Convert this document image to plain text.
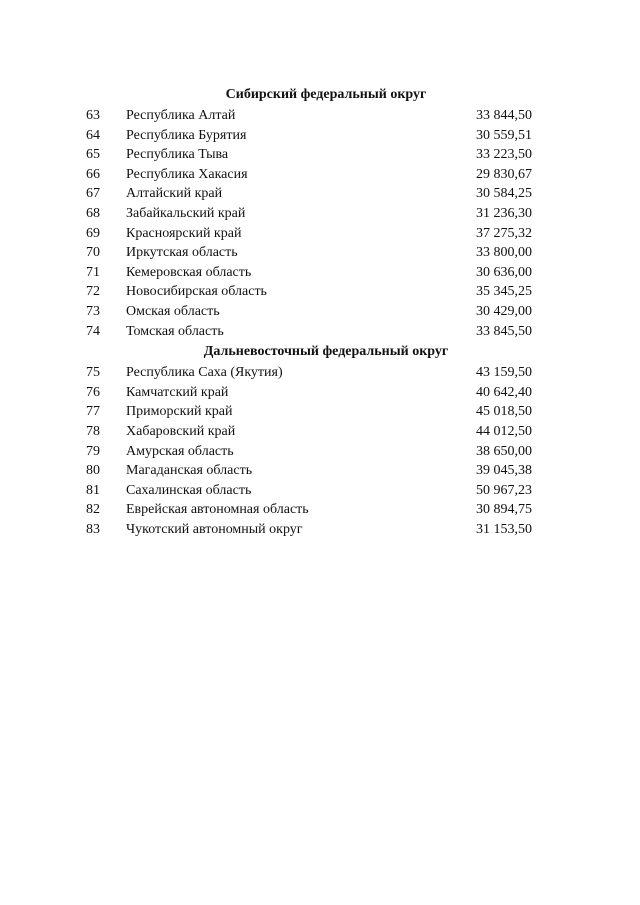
Сибирский федеральный округ
63	Республика Алтай	33 844,50
64	Республика Бурятия	30 559,51
65	Республика Тыва	33 223,50
66	Республика Хакасия	29 830,67
67	Алтайский край	30 584,25
68	Забайкальский край	31 236,30
69	Красноярский край	37 275,32
70	Иркутская область	33 800,00
71	Кемеровская область	30 636,00
72	Новосибирская область	35 345,25
73	Омская область	30 429,00
74	Томская область	33 845,50
Дальневосточный федеральный округ
75	Республика Саха (Якутия)	43 159,50
76	Камчатский край	40 642,40
77	Приморский край	45 018,50
78	Хабаровский край	44 012,50
79	Амурская область	38 650,00
80	Магаданская область	39 045,38
81	Сахалинская область	50 967,23
82	Еврейская автономная область	30 894,75
83	Чукотский автономный округ	31 153,50
